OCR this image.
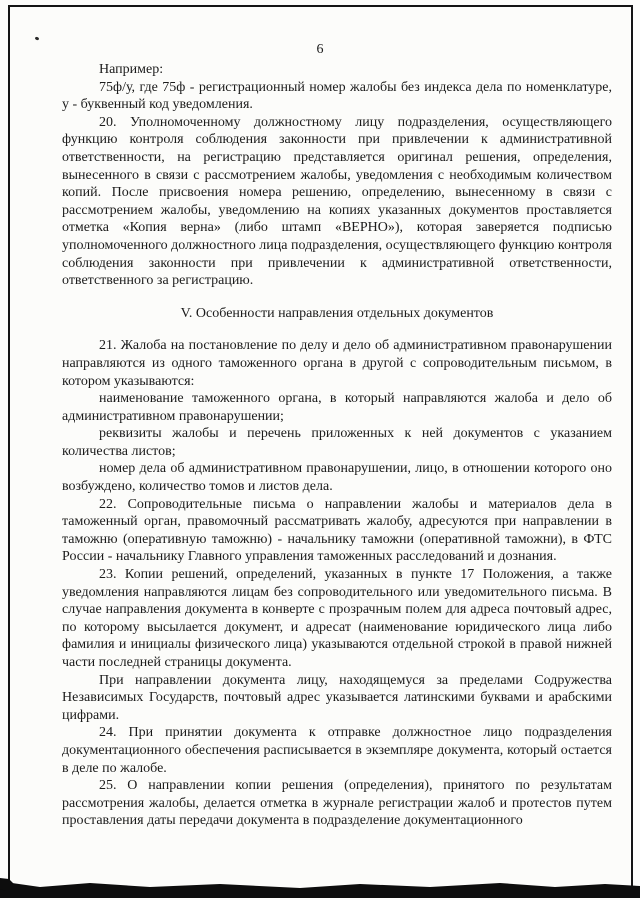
6

Например:

75ф/у, где 75ф - регистрационный номер жалобы без индекса дела по номенклатуре, у - буквенный код уведомления.

20. Уполномоченному должностному лицу подразделения, осуществляющего функцию контроля соблюдения законности при привлечении к административной ответственности, на регистрацию представляется оригинал решения, определения, вынесенного в связи с рассмотрением жалобы, уведомления с необходимым количеством копий. После присвоения номера решению, определению, вынесенному в связи с рассмотрением жалобы, уведомлению на копиях указанных документов проставляется отметка «Копия верна» (либо штамп «ВЕРНО»), которая заверяется подписью уполномоченного должностного лица подразделения, осуществляющего функцию контроля соблюдения законности при привлечении к административной ответственности, ответственного за регистрацию.

V. Особенности направления отдельных документов

21. Жалоба на постановление по делу и дело об административном правонарушении направляются из одного таможенного органа в другой с сопроводительным письмом, в котором указываются:

наименование таможенного органа, в который направляются жалоба и дело об административном правонарушении;

реквизиты жалобы и перечень приложенных к ней документов с указанием количества листов;

номер дела об административном правонарушении, лицо, в отношении которого оно возбуждено, количество томов и листов дела.

22. Сопроводительные письма о направлении жалобы и материалов дела в таможенный орган, правомочный рассматривать жалобу, адресуются при направлении в таможню (оперативную таможню) - начальнику таможни (оперативной таможни), в ФТС России - начальнику Главного управления таможенных расследований и дознания.

23. Копии решений, определений, указанных в пункте 17 Положения, а также уведомления направляются лицам без сопроводительного или уведомительного письма. В случае направления документа в конверте с прозрачным полем для адреса почтовый адрес, по которому высылается документ, и адресат (наименование юридического лица либо фамилия и инициалы физического лица) указываются отдельной строкой в правой нижней части последней страницы документа.

При направлении документа лицу, находящемуся за пределами Содружества Независимых Государств, почтовый адрес указывается латинскими буквами и арабскими цифрами.

24. При принятии документа к отправке должностное лицо подразделения документационного обеспечения расписывается в экземпляре документа, который остается в деле по жалобе.

25. О направлении копии решения (определения), принятого по результатам рассмотрения жалобы, делается отметка в журнале регистрации жалоб и протестов путем проставления даты передачи документа в подразделение документационного
